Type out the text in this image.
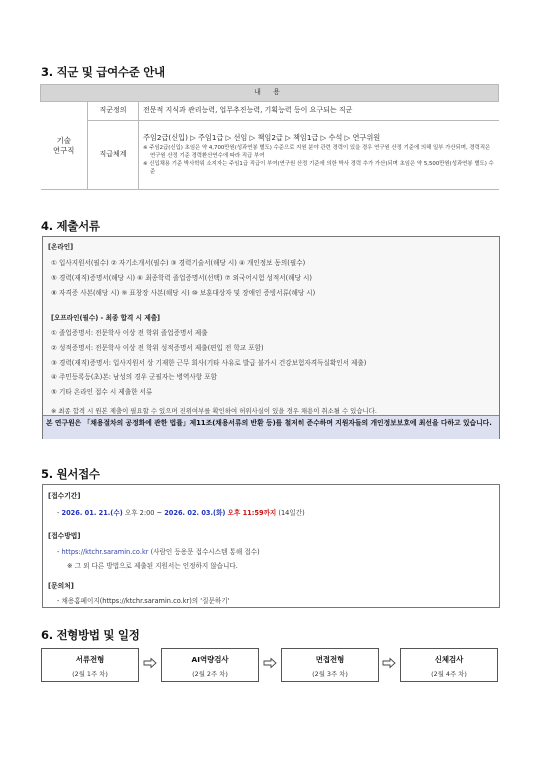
3. 직군 및 급여수준 안내
내 용		
기술
연구직	직군정의	전문적 지식과 관리능력, 업무추진능력, 기획능력 등이 요구되는 직군
	직급체계	주임2급(신입) ▷ 주임1급 ▷ 선임 ▷ 책임2급 ▷ 책임1급 ▷ 수석 ▷ 연구위원
※ 주임2급(신입) 초임은 약 4,700만원(성과연봉 별도) 수준으로 지원 분야 관련 경력이 있을 경우 연구원 산정 기준에 의해 일부 가산되며, 경력직은 연구원 산정 기준 경력환산연수에 따라 직급 부여
※ 신입채용 기준 박사학위 소지자는 주임1급 직급이 부여(연구원 산정 기준에 의한 박사 경력 추가 가산)되며 초임은 약 5,500만원(성과연봉 별도) 수준
4. 제출서류
[온라인]
① 입사지원서(필수) ② 자기소개서(필수) ③ 경력기술서(해당 시) ④ 개인정보 동의(필수)
⑤ 경력(재직)증명서(해당 시) ⑥ 최종학력 졸업증명서(선택) ⑦ 외국어시험 성적서(해당 시)
⑧ 자격증 사본(해당 시) ⑨ 표창장 사본(해당 시) ⑩ 보훈대상자 및 장애인 증빙서류(해당 시)
[오프라인(필수) - 최종 합격 시 제출]
① 졸업증명서: 전문학사 이상 전 학위 졸업증명서 제출
② 성적증명서: 전문학사 이상 전 학위 성적증명서 제출(편입 전 학교 포함)
③ 경력(재직)증명서: 입사지원서 상 기재한 근무 회사(기타 사유로 발급 불가시 건강보험자격득실확인서 제출)
④ 주민등록등(초)본: 남성의 경우 군필자는 병역사항 포함
⑤ 기타 온라인 접수 시 제출한 서류
※ 최종 합격 시 원본 제출이 필요할 수 있으며 진위여부를 확인하여 허위사실이 있을 경우 채용이 취소될 수 있습니다.
본 연구원은 「채용절차의 공정화에 관한 법률」제11조(채용서류의 반환 등)를 철저히 준수하며 지원자들의 개인정보보호에 최선을 다하고 있습니다.
5. 원서접수
[접수기간]
- 2026. 01. 21.(수) 오후 2:00 ~ 2026. 02. 03.(화) 오후 11:59까지 (14일간)
[접수방법]
- https://ktchr.saramin.co.kr (사람인 등용문 접수시스템 통해 접수)
※ 그 외 다른 방법으로 제출된 지원서는 인정하지 않습니다.
[문의처]
- 채용홈페이지(https://ktchr.saramin.co.kr)의 '질문하기'
6. 전형방법 및 일정
서류전형
(2월 1주 차)
AI역량검사
(2월 2주 차)
면접전형
(2월 3주 차)
신체검사
(2월 4주 차)
